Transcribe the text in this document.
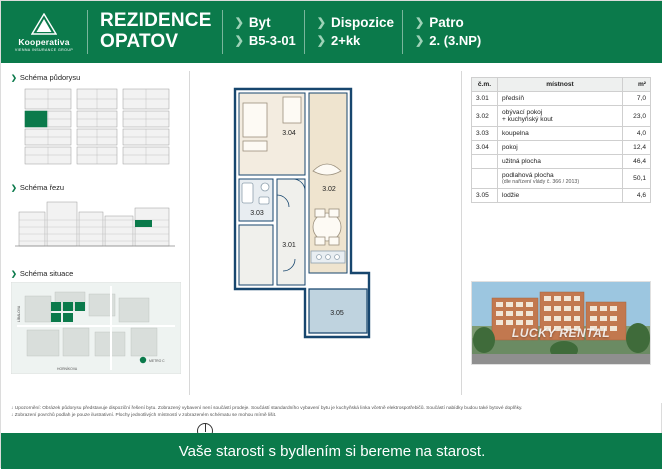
Kooperativa
VIENNA INSURANCE GROUP
REZIDENCE
OPATOV
❯ Byt
❯ B5-3-01
❯ Dispozice
❯ 2+kk
❯ Patro
❯ 2. (3.NP)
❯ Schéma půdorysu
❯ Schéma řezu
❯ Schéma situace
LÍBALOVA
HORNÍKOVA
METRO C
3.04
3.03
3.02
3.01
3.05
č.m.	místnost	m²
3.01	předsíň	7,0
3.02	obývací pokoj
+ kuchyňský kout	23,0
3.03	koupelna	4,0
3.04	pokoj	12,4
	užitná plocha	46,4
	podlahová plocha
(dle nařízení vlády č. 366 / 2013)	50,1
3.05	lodžie	4,6
LUCKY RENTAL
↓ Upozornění: Obrázek půdorysu představuje dispoziční řešení bytu. Zobrazený vybavení není součástí prodeje. Součástí standardního vybavení bytu je kuchyňská linka včetně elektrospotřebičů. Součástí nabídky budou také bytové doplňky.
↓ Zobrazení povrchů podlah je pouze ilustrativní. Plochy jednotlivých místností v zobrazeném schématu se mohou mírně lišit.
Vaše starosti s bydlením si bereme na starost.
